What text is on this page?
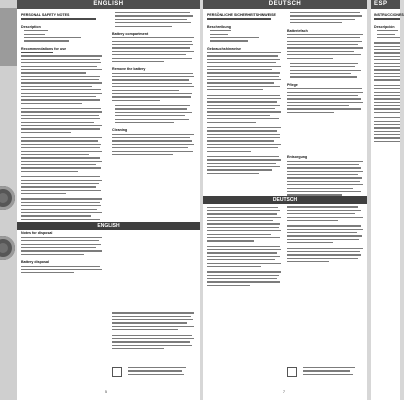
ENGLISH
PERSONAL SAFETY NOTES
Description
Recommendations for use
Notes for disposal
Battery disposal
Battery compartment
Remove the battery
Cleaning
ENGLISH

5
DEUTSCH
PERSÖNLICHE SICHERHEITSHINWEISE
Beschreibung
Gebrauchshinweise
Batteriefach
Pflege
Entsorgung
DEUTSCH

7
ESP
INSTRUCCIONES
Descripción
